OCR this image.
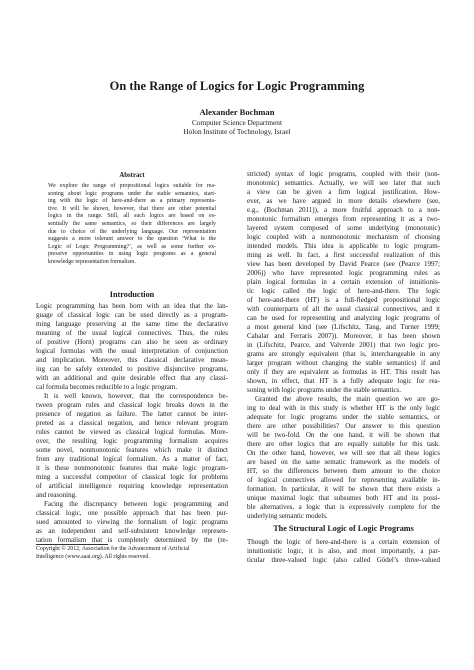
On the Range of Logics for Logic Programming
Alexander Bochman
Computer Science Department
Holon Institute of Technology, Israel
Abstract
We explore the range of propositional logics suitable for rea-
soning about logic programs under the stable semantics, start-
ing with the logic of here-and-there as a primary representa-
tive. It will be shown, however, that there are other potential
logics in the range. Still, all such logics are based on es-
sentially the same semantics, so their differences are largely
due to choice of the underlying language. Our representation
suggests a more tolerant answer to the question ‘What is the
Logic of Logic Programming?’, as well as some further ex-
pressive opportunities in using logic programs as a general
knowledge representation formalism.
Introduction
Logic programming has been born with an idea that the lan-
guage of classical logic can be used directly as a program-
ming language preserving at the same time the declarative
meaning of the usual logical connectives. Thus, the rules
of positive (Horn) programs can also be seen as ordinary
logical formulas with the usual interpretation of conjunction
and implication. Moreover, this classical declarative mean-
ing can be safely extended to positive disjunctive programs,
with an additional and quite desirable effect that any classi-
cal formula becomes reducible to a logic program.
It is well known, however, that the correspondence be-
tween program rules and classical logic breaks down in the
presence of negation as failure. The latter cannot be inter-
preted as a classical negation, and hence relevant program
rules cannot be viewed as classical logical formulas. More-
over, the resulting logic programming formalism acquires
some novel, nonmonotonic features which make it distinct
from any traditional logical formalism. As a matter of fact,
it is these nonmonotonic features that make logic program-
ming a successful competitor of classical logic for problems
of artificial intelligence requiring knowledge representation
and reasoning.
Facing the discrepancy between logic programming and
classical logic, one possible approach that has been pur-
sued amounted to viewing the formalism of logic programs
as an independent and self-subsistent knowledge represen-
tation formalism that is completely determined by the (re-
Copyright © 2012, Association for the Advancement of Artificial
Intelligence (www.aaai.org). All rights reserved.
stricted) syntax of logic programs, coupled with their (non-
monotonic) semantics. Actually, we will see later that such
a view can be given a firm logical justification. How-
ever, as we have argued in more details elsewhere (see,
e.g., (Bochman 2011)), a more fruitful approach to a non-
monotonic formalism emerges from representing it as a two-
layered system composed of some underlying (monotonic)
logic coupled with a nonmonotonic mechanism of choosing
intended models. This idea is applicable to logic program-
ming as well. In fact, a first successful realization of this
view has been developed by David Pearce (see (Pearce 1997;
2006)) who have represented logic programming rules as
plain logical formulas in a certain extension of intuitionis-
tic logic called the logic of here-and-there. The logic
of here-and-there (HT) is a full-fledged propositional logic
with counterparts of all the usual classical connectives, and it
can be used for representing and analyzing logic programs of
a most general kind (see (Lifschitz, Tang, and Turner 1999;
Cabalar and Ferraris 2007)). Moreover, it has been shown
in (Lifschitz, Pearce, and Valverde 2001) that two logic pro-
grams are strongly equivalent (that is, interchangeable in any
larger program without changing the stable semantics) if and
only if they are equivalent as formulas in HT. This result has
shown, in effect, that HT is a fully adequate logic for rea-
soning with logic programs under the stable semantics.
Granted the above results, the main question we are go-
ing to deal with in this study is whether HT is the only logic
adequate for logic programs under the stable semantics, or
there are other possibilities? Our answer to this question
will be two-fold. On the one hand, it will be shown that
there are other logics that are equally suitable for this task.
On the other hand, however, we will see that all these logics
are based on the same sematic framework as the models of
HT, so the differences between them amount to the choice
of logical connectives allowed for representing available in-
formation. In particular, it will be shown that there exists a
unique maximal logic that subsumes both HT and its possi-
ble alternatives, a logic that is expressively complete for the
underlying semantic models.
The Structural Logic of Logic Programs
Though the logic of here-and-there is a certain extension of
intuitionistic logic, it is also, and most importantly, a par-
ticular three-valued logic (also called Gödel’s three-valued
